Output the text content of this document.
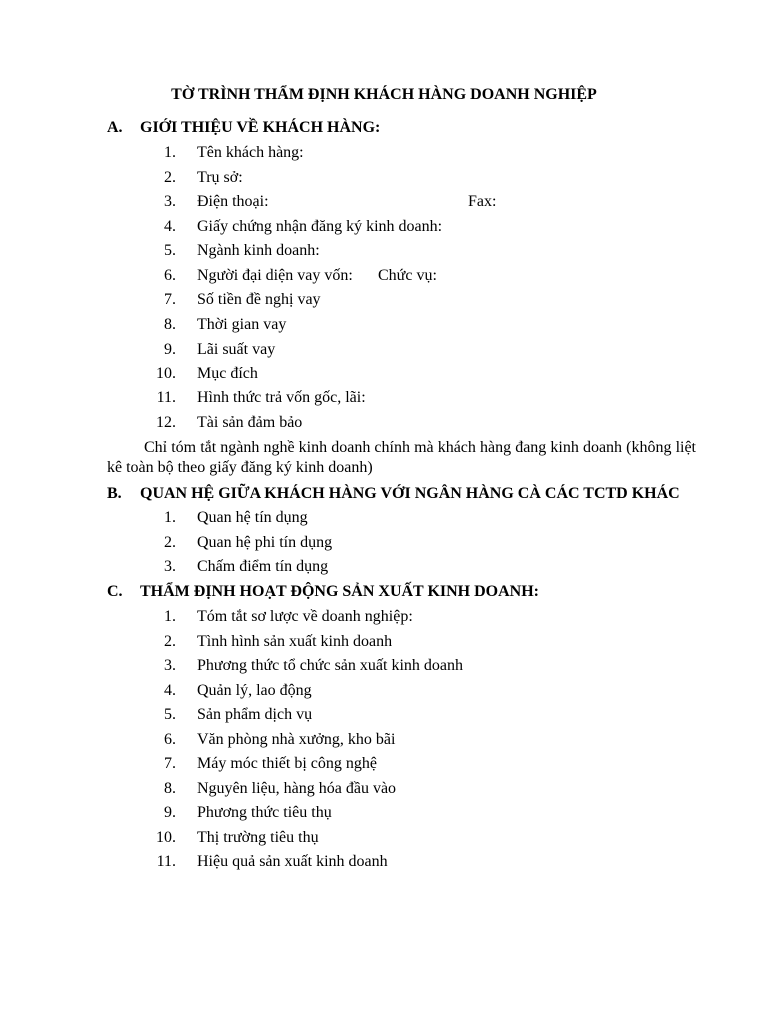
TỜ TRÌNH THẨM ĐỊNH KHÁCH HÀNG DOANH NGHIỆP
A. GIỚI THIỆU VỀ KHÁCH HÀNG:
1. Tên khách hàng:
2. Trụ sở:
3. Điện thoại:	Fax:
4. Giấy chứng nhận đăng ký kinh doanh:
5. Ngành kinh doanh:
6. Người đại diện vay vốn: Chức vụ:
7. Số tiền đề nghị vay
8. Thời gian vay
9. Lãi suất vay
10. Mục đích
11. Hình thức trả vốn gốc, lãi:
12. Tài sản đảm bảo
Chỉ tóm tắt ngành nghề kinh doanh chính mà khách hàng đang kinh doanh (không liệt kê toàn bộ theo giấy đăng ký kinh doanh)
B. QUAN HỆ GIỮA KHÁCH HÀNG VỚI NGÂN HÀNG CÀ CÁC TCTD KHÁC
1. Quan hệ tín dụng
2. Quan hệ phi tín dụng
3. Chấm điểm tín dụng
C. THẨM ĐỊNH HOẠT ĐỘNG SẢN XUẤT KINH DOANH:
1. Tóm tắt sơ lược về doanh nghiệp:
2. Tình hình sản xuất kinh doanh
3. Phương thức tổ chức sản xuất kinh doanh
4. Quản lý, lao động
5. Sản phẩm dịch vụ
6. Văn phòng nhà xưởng, kho bãi
7. Máy móc thiết bị công nghệ
8. Nguyên liệu, hàng hóa đầu vào
9. Phương thức tiêu thụ
10. Thị trường tiêu thụ
11. Hiệu quả sản xuất kinh doanh
